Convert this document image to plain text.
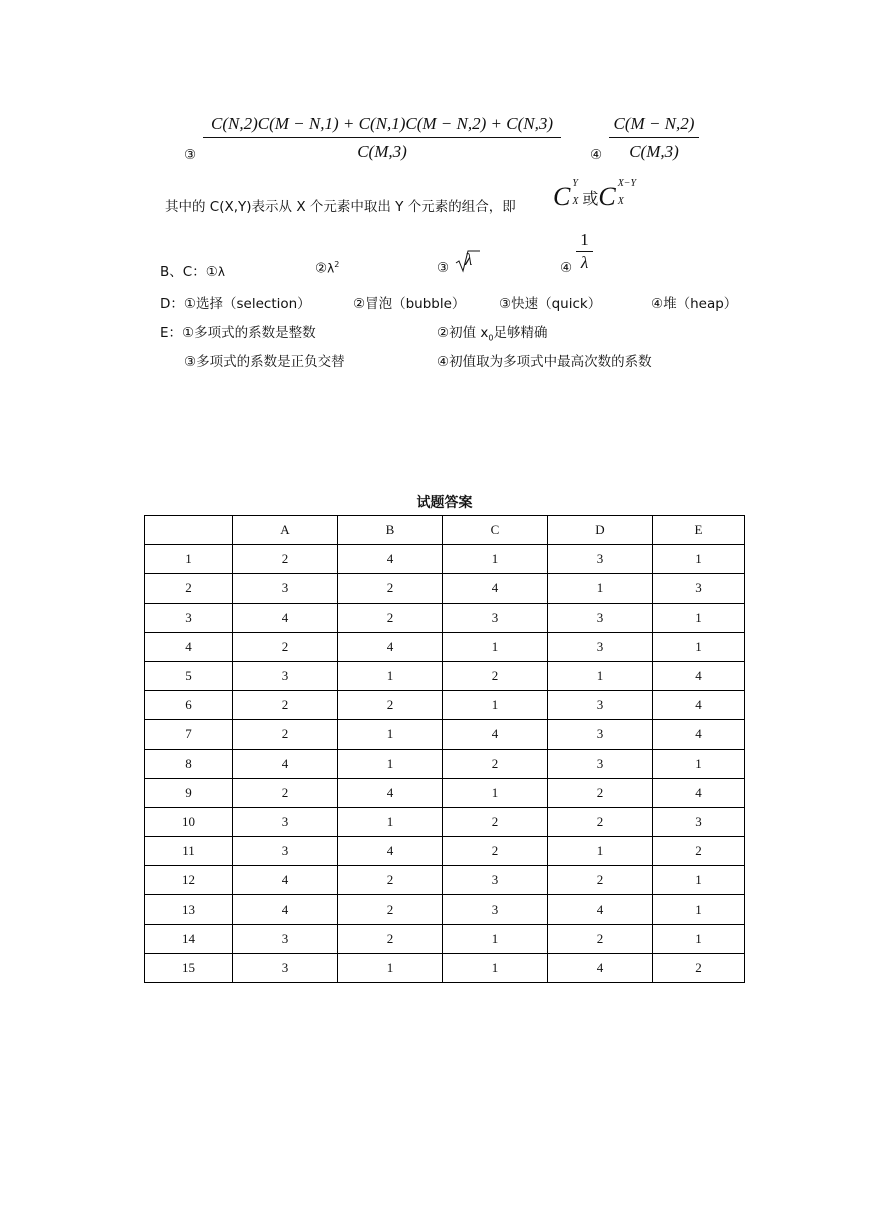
③
C(N,2)C(M − N,1) + C(N,1)C(M − N,2) + C(N,3)
C(M,3)	④
C(M − N,2)
C(M,3)
其中的 C(X,Y)表示从 X 个元素中取出 Y 个元素的组合，即 C Y
X 或C X−Y
X
B、C：①λ	$②\lambda^2$	③ λ	④
1
λ
D：①选择（selection）	②冒泡（bubble） ③快速（quick）	④堆（heap）
E：①多项式的系数是整数	②初值 $x_0$足够精确
③多项式的系数是正负交替	④初值取为多项式中最高次数的系数
试题答案
	A	B	C	D	E
1	2	4	1	3	1
2	3	2	4	1	3
3	4	2	3	3	1
4	2	4	1	3	1
5	3	1	2	1	4
6	2	2	1	3	4
7	2	1	4	3	4
8	4	1	2	3	1
9	2	4	1	2	4
10	3	1	2	2	3
11	3	4	2	1	2
12	4	2	3	2	1
13	4	2	3	4	1
14	3	2	1	2	1
15	3	1	1	4	2
